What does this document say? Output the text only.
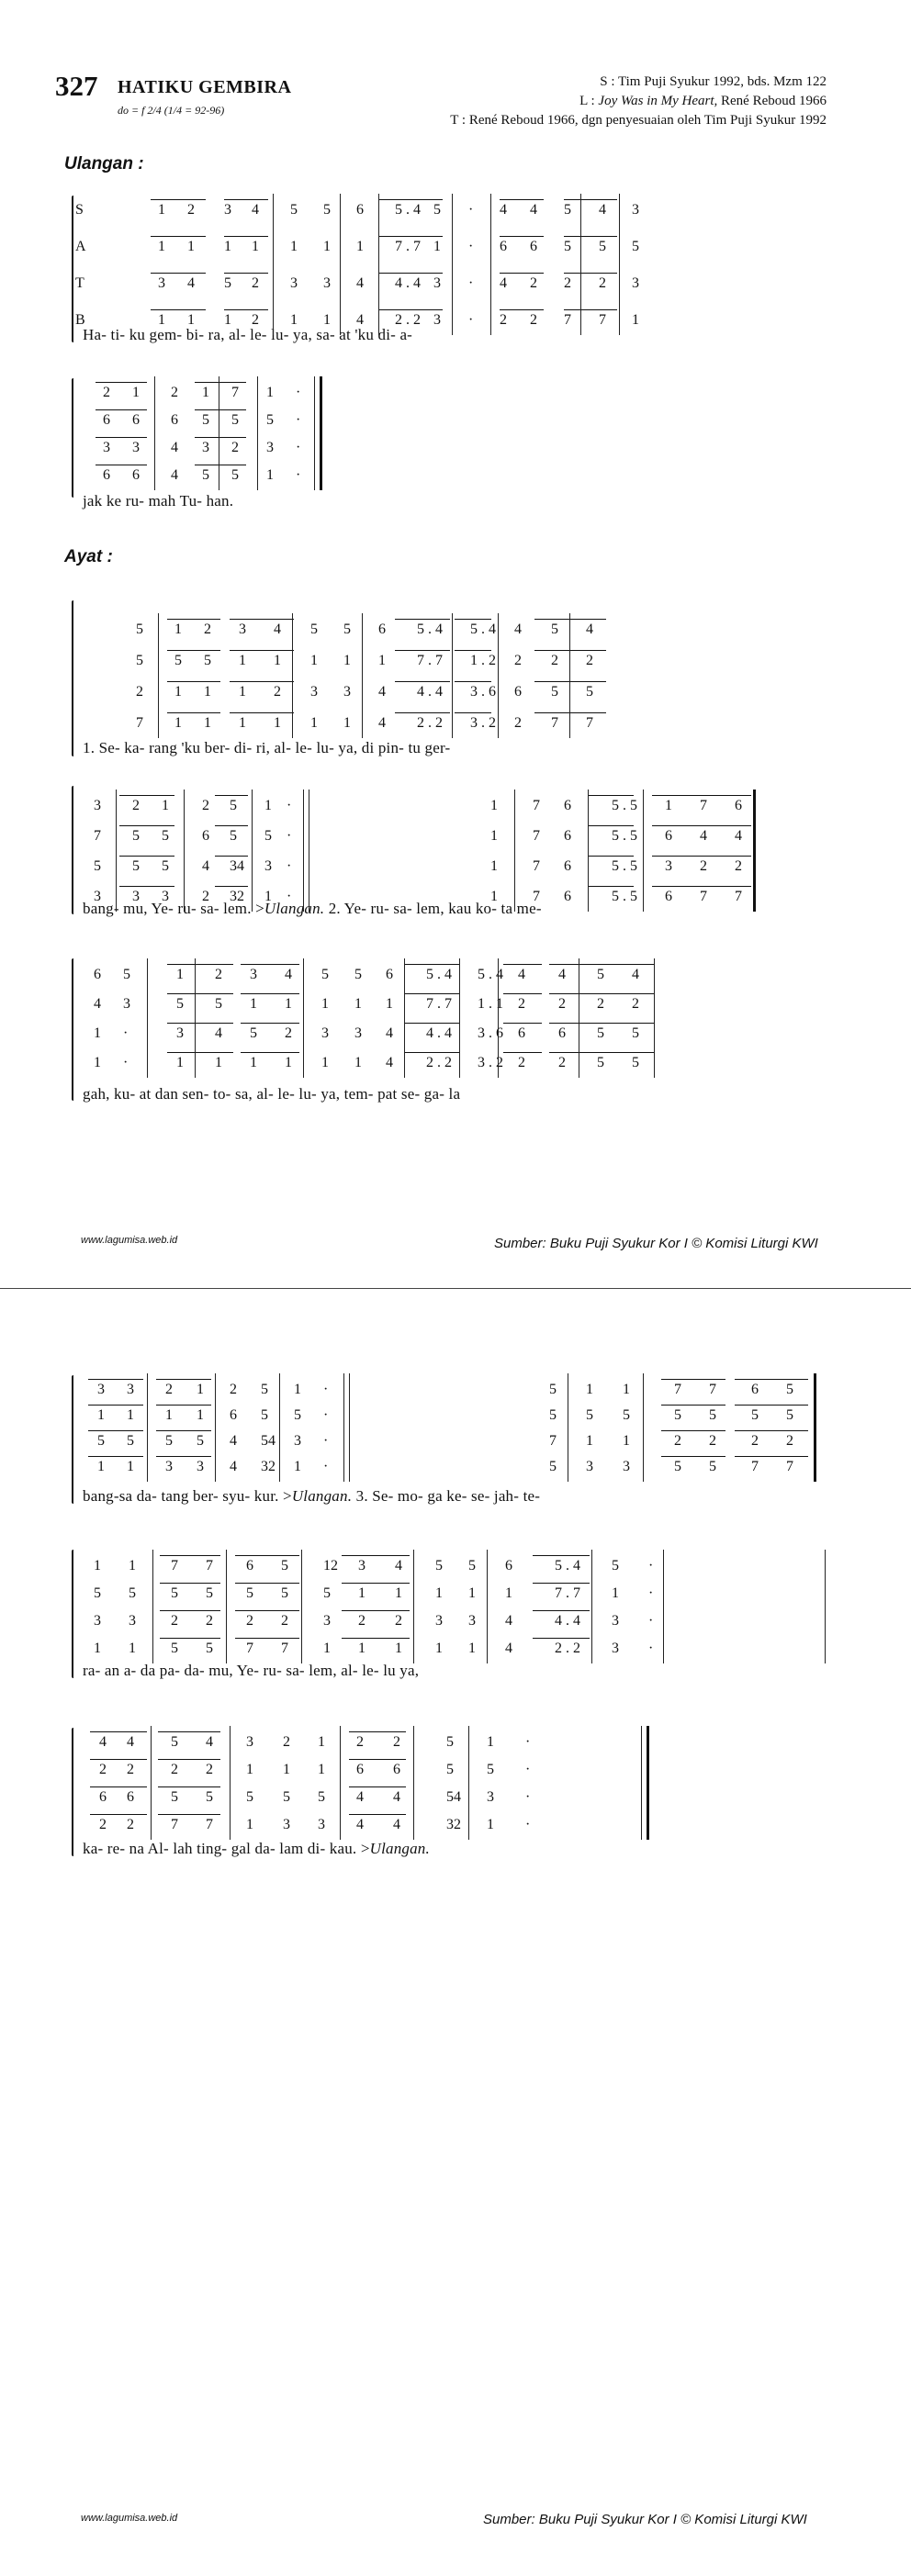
327 HATIKU GEMBIRA
do = f 2/4 (1/4 = 92-96)
S : Tim Puji Syukur 1992, bds. Mzm 122
L : Joy Was in My Heart, René Reboud 1966
T : René Reboud 1966, dgn penyesuaian oleh Tim Puji Syukur 1992
Ulangan :
S	1 2 3 4 5 5 6 5 . 4 5 · 4 4 5 4 3
A	1 1 1 1 1 1 1 7 . 7 1 · 6 6 5 5 5
T	3 4 5 2 3 3 4 4 . 4 3 · 4 2 2 2 3
B	1 1 1 2 1 1 4 2 . 2 3 · 2 2 7 7 1
Ha- ti- ku gem- bi- ra, al- le- lu- ya, sa- at 'ku di- a-
jak ke ru- mah Tu- han.
2 1 2 1 7 1 ·
6 6 6 5 5 5 ·
3 3 4 3 2 3 ·
6 6 4 5 5 1 ·
Ayat :
1. Se- ka- rang 'ku ber- di- ri, al- le- lu- ya, di pin- tu ger-
5 1 2 3 4 5 5 6 5 . 4 5 . 4 4 5 4
5 5 5 1 1 1 1 1 7 . 7 1 . 2 2 2 2
2 1 1 1 2 3 3 4 4 . 4 3 . 6 6 5 5
7 1 1 1 1 1 1 4 2 . 2 3 . 2 2 7 7
bang- mu, Ye- ru- sa- lem. >Ulangan. 2. Ye- ru- sa- lem, kau ko- ta me-
3 2 1 2 5 1 ·	1 7 6	5 . 5 1 7 6
7 5 5 6 5 5 ·	1 7 6	5 . 5 6 4 4
5 5 5 4 34 3 ·	1 7 6	5 . 5 3 2 2
3 3 3 2 32 1 ·	1 7 6	5 . 5 6 7 7
gah, ku- at dan sen- to- sa, al- le- lu- ya, tem- pat se- ga- la
6 5	1 2 3 4 5 5 6 5 . 4 5 . 4 4 4 5 4
4 3	5 5 1 1 1 1 1 7 . 7 1 . 1 2 2 2 2
1 ·	3 4 5 2 3 3 4 4 . 4 3 . 6 6 6 5 5
1 ·	1 1 1 1 1 1 4 2 . 2 3 . 2 2 2 5 5
www.lagumisa.web.id	Sumber: Buku Puji Syukur Kor I © Komisi Liturgi KWI
bang-sa da- tang ber- syu- kur. >Ulangan. 3. Se- mo- ga ke- se- jah- te-
3 3 2 1 2 5 1 ·	5 1 1	7 7 6 5
1 1 1 1 6 5 5 ·	5 5 5	5 5 5 5
5 5 5 5 4 54 3 ·	7 1 1	2 2 2 2
1 1 3 3 4 32 1 ·	5 3 3	5 5 7 7
ra- an a- da pa- da- mu, Ye- ru- sa- lem, al- le- lu ya,
1 1 7 7 6 5 12 3 4 5 5 6	5 . 4 5 ·
5 5 5 5 5 5 5 1 1 1 1 1	7 . 7 1 ·
3 3 2 2 2 2 3 2 2 3 3 4	4 . 4 3 ·
1 1 5 5 7 7 1 1 1 1 1 4	2 . 2 3 ·
ka- re- na Al- lah ting- gal da- lam di- kau. >Ulangan.
4 4	5 4 3 2 1 2 2	5 1 ·
2 2	2 2 1 1 1 6 6	5 5 ·
6 6	5 5 5 5 5 4 4	54 3 ·
2 2	7 7 1 3 3 4 4	32 1 ·
www.lagumisa.web.id	Sumber: Buku Puji Syukur Kor I © Komisi Liturgi KWI
